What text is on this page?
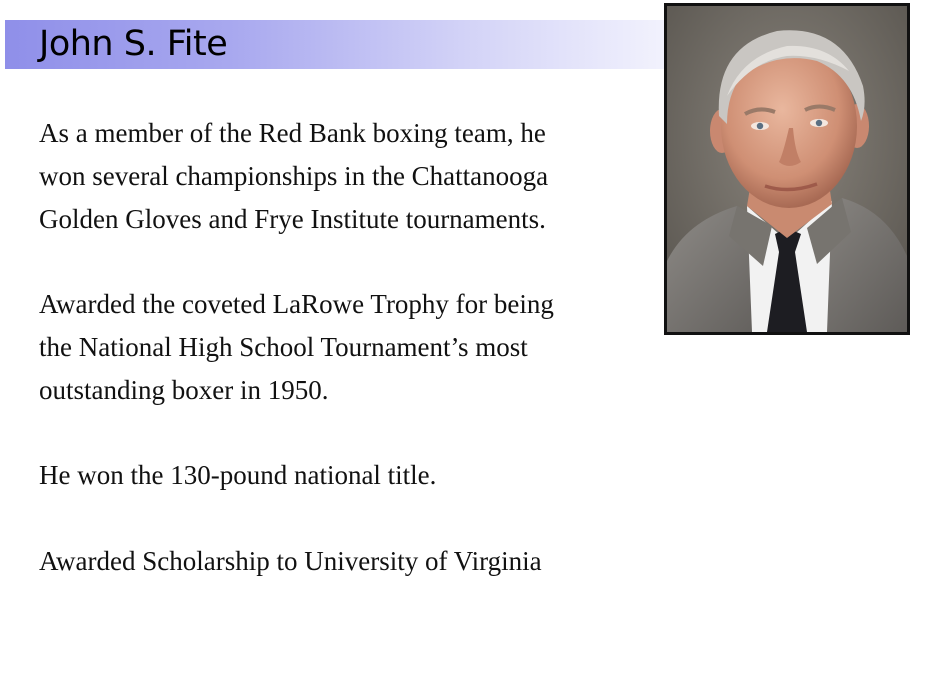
John S. Fite

As a member of the Red Bank boxing team, he
won several championships in the Chattanooga
Golden Gloves and Frye Institute tournaments.

Awarded the coveted LaRowe Trophy for being
the National High School Tournament’s most
outstanding boxer in 1950.

He won the 130-pound national title.

Awarded Scholarship to University of Virginia
